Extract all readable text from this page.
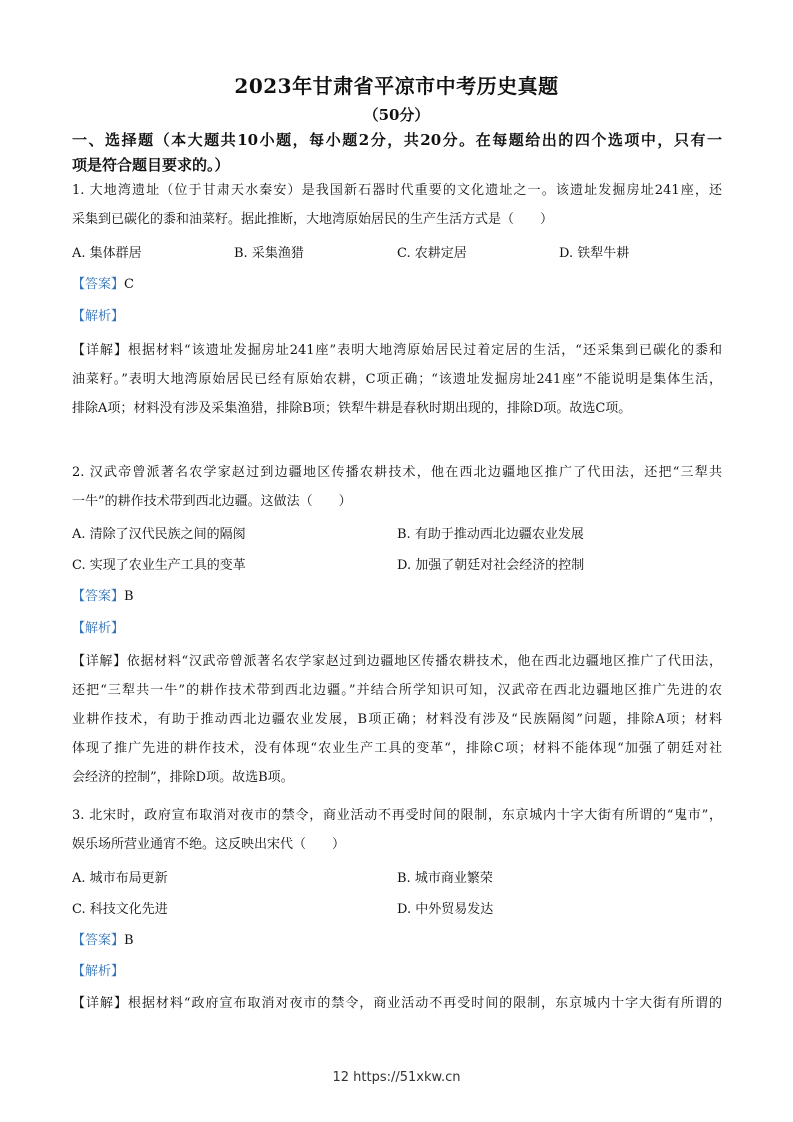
2023年甘肃省平凉市中考历史真题
（50分）
一、选择题（本大题共10小题，每小题2分，共20分。在每题给出的四个选项中，只有一
项是符合题目要求的。）
1. 大地湾遗址（位于甘肃天水秦安）是我国新石器时代重要的文化遗址之一。该遗址发掘房址241座，还
采集到已碳化的黍和油菜籽。据此推断，大地湾原始居民的生产生活方式是（　　）
A. 集体群居	B. 采集渔猎	C. 农耕定居	D. 铁犁牛耕
【答案】C
【解析】
【详解】根据材料“该遗址发掘房址241座”表明大地湾原始居民过着定居的生活，“还采集到已碳化的黍和
油菜籽。”表明大地湾原始居民已经有原始农耕，C项正确；“该遗址发掘房址241座”不能说明是集体生活，
排除A项；材料没有涉及采集渔猎，排除B项；铁犁牛耕是春秋时期出现的，排除D项。故选C项。
2. 汉武帝曾派著名农学家赵过到边疆地区传播农耕技术，他在西北边疆地区推广了代田法，还把“三犁共
一牛”的耕作技术带到西北边疆。这做法（　　）
A. 清除了汉代民族之间的隔阂	B. 有助于推动西北边疆农业发展
C. 实现了农业生产工具的变革	D. 加强了朝廷对社会经济的控制
【答案】B
【解析】
【详解】依据材料“汉武帝曾派著名农学家赵过到边疆地区传播农耕技术，他在西北边疆地区推广了代田法，
还把“三犁共一牛”的耕作技术带到西北边疆。”并结合所学知识可知，汉武帝在西北边疆地区推广先进的农
业耕作技术，有助于推动西北边疆农业发展，B项正确；材料没有涉及“民族隔阂”问题，排除A项；材料
体现了推广先进的耕作技术，没有体现“农业生产工具的变革“，排除C项；材料不能体现“加强了朝廷对社
会经济的控制”，排除D项。故选B项。
3. 北宋时，政府宣布取消对夜市的禁令，商业活动不再受时间的限制，东京城内十字大街有所谓的“鬼市”，
娱乐场所营业通宵不绝。这反映出宋代（　　）
A. 城市布局更新	B. 城市商业繁荣
C. 科技文化先进	D. 中外贸易发达
【答案】B
【解析】
【详解】根据材料“政府宣布取消对夜市的禁令，商业活动不再受时间的限制，东京城内十字大街有所谓的
12 https://51xkw.cn
